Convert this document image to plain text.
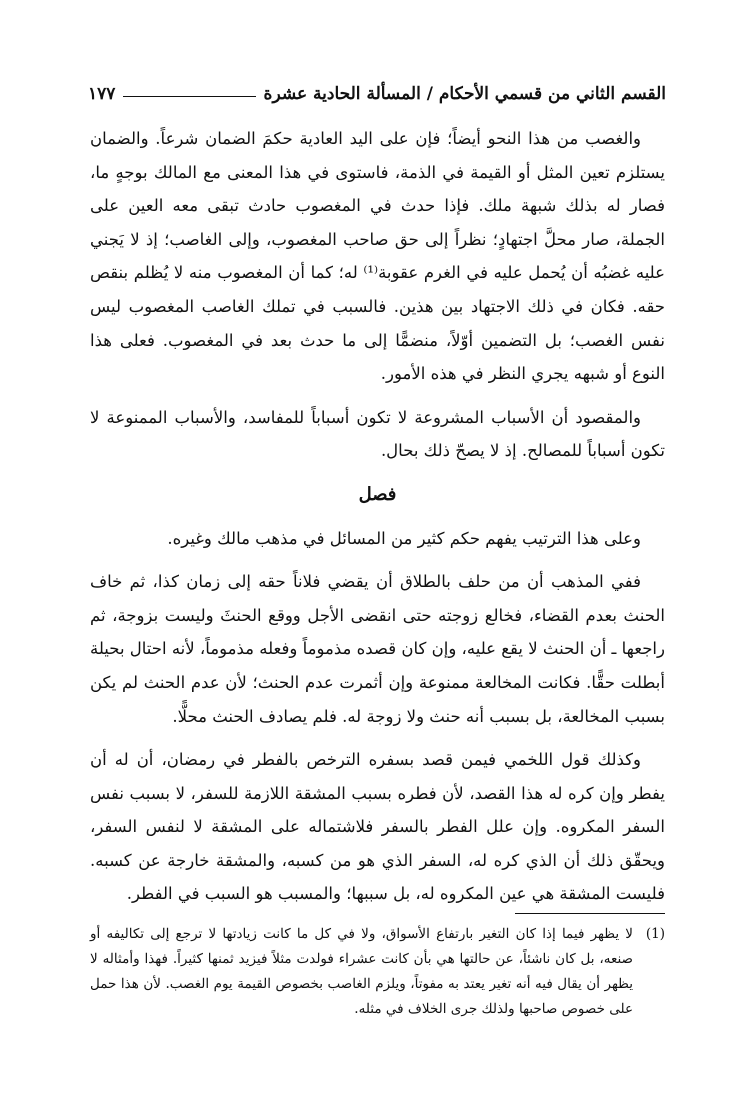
القسم الثاني من قسمي الأحكام / المسألة الحادية عشرة
١٧٧

والغصب من هذا النحو أيضاً؛ فإن على اليد العادية حكمَ الضمان شرعاً. والضمان يستلزم تعين المثل أو القيمة في الذمة، فاستوى في هذا المعنى مع المالك بوجهٍ ما، فصار له بذلك شبهة ملك. فإذا حدث في المغصوب حادث تبقى معه العين على الجملة، صار محلَّ اجتهادٍ؛ نظراً إلى حق صاحب المغصوب، وإلى الغاصب؛ إذ لا يَجني عليه غضبُه أن يُحمل عليه في الغرم عقوبة⁽¹⁾ له؛ كما أن المغصوب منه لا يُظلم بنقص حقه. فكان في ذلك الاجتهاد بين هذين. فالسبب في تملك الغاصب المغصوب ليس نفس الغصب؛ بل التضمين أوّلاً، منضمًّا إلى ما حدث بعد في المغصوب. فعلى هذا النوع أو شبهه يجري النظر في هذه الأمور.

والمقصود أن الأسباب المشروعة لا تكون أسباباً للمفاسد، والأسباب الممنوعة لا تكون أسباباً للمصالح. إذ لا يصحّ ذلك بحال.

فصل

وعلى هذا الترتيب يفهم حكم كثير من المسائل في مذهب مالك وغيره.

ففي المذهب أن من حلف بالطلاق أن يقضي فلاناً حقه إلى زمان كذا، ثم خاف الحنث بعدم القضاء، فخالع زوجته حتى انقضى الأجل ووقع الحنثَ وليست بزوجة، ثم راجعها ـ أن الحنث لا يقع عليه، وإن كان قصده مذموماً وفعله مذموماً، لأنه احتال بحيلة أبطلت حقًّا. فكانت المخالعة ممنوعة وإن أثمرت عدم الحنث؛ لأن عدم الحنث لم يكن بسبب المخالعة، بل بسبب أنه حنث ولا زوجة له. فلم يصادف الحنث محلًّا.

وكذلك قول اللخمي فيمن قصد بسفره الترخص بالفطر في رمضان، أن له أن يفطر وإن كره له هذا القصد، لأن فطره بسبب المشقة اللازمة للسفر، لا بسبب نفس السفر المكروه. وإن علل الفطر بالسفر فلاشتماله على المشقة لا لنفس السفر، ويحقّق ذلك أن الذي كره له، السفر الذي هو من كسبه، والمشقة خارجة عن كسبه. فليست المشقة هي عين المكروه له، بل سببها؛ والمسبب هو السبب في الفطر.

(1)
لا يظهر فيما إذا كان التغير بارتفاع الأسواق، ولا في كل ما كانت زيادتها لا ترجع إلى تكاليفه أو صنعه، بل كان ناشئاً، عن حالتها هي بأن كانت عشراء فولدت مثلاً فيزيد ثمنها كثيراً. فهذا وأمثاله لا يظهر أن يقال فيه أنه تغير يعتد به مفوتاً، ويلزم الغاصب بخصوص القيمة يوم الغصب. لأن هذا حمل على خصوص صاحبها ولذلك جرى الخلاف في مثله.
